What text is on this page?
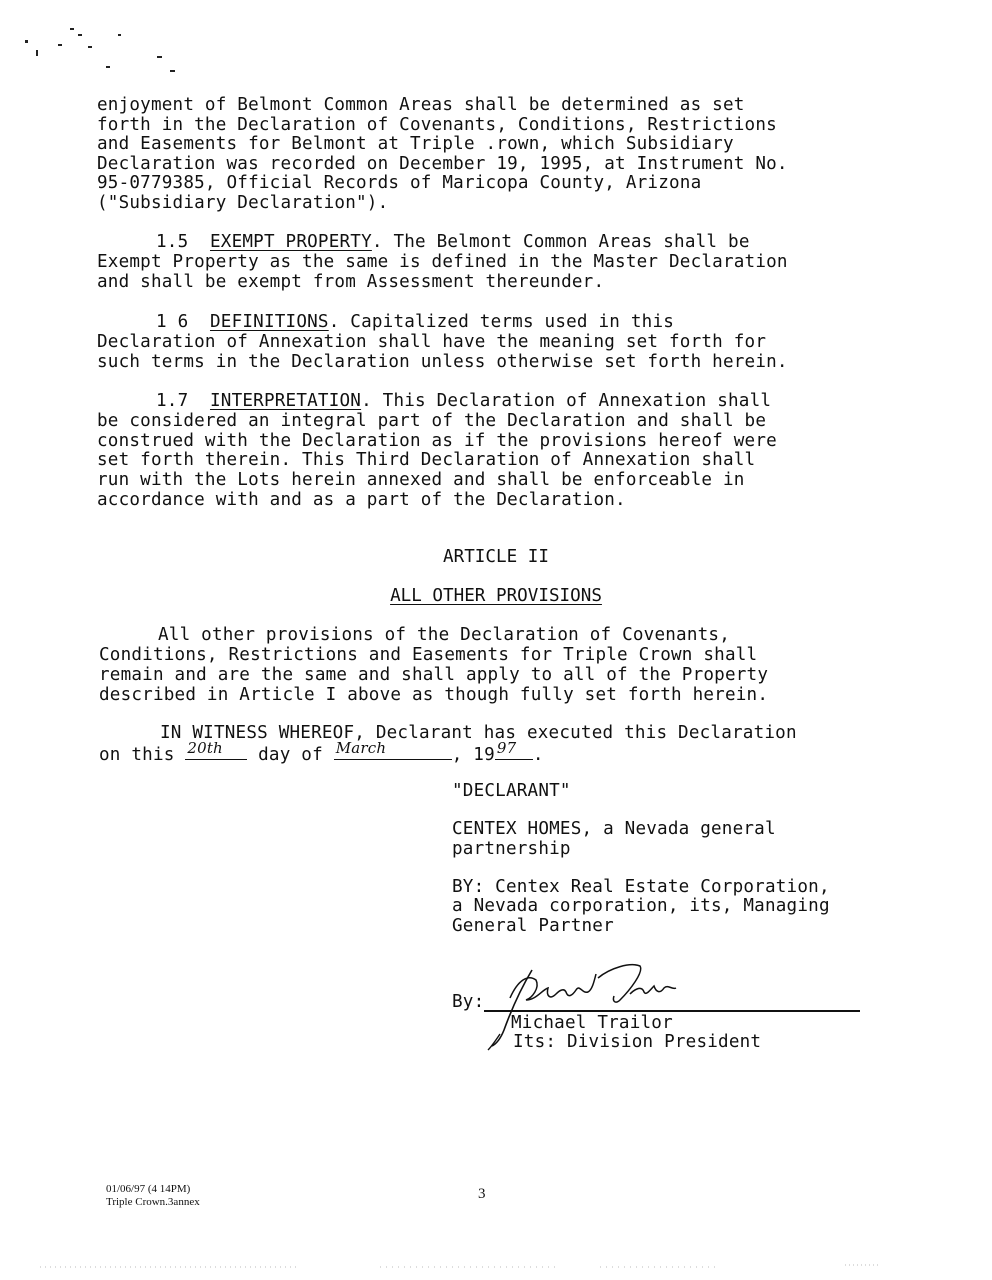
enjoyment of Belmont Common Areas shall be determined as set
forth in the Declaration of Covenants, Conditions, Restrictions
and Easements for Belmont at Triple .rown, which Subsidiary
Declaration was recorded on December 19, 1995, at Instrument No.
95-0779385, Official Records of Maricopa County, Arizona
("Subsidiary Declaration").
1.5 EXEMPT PROPERTY. The Belmont Common Areas shall be
Exempt Property as the same is defined in the Master Declaration
and shall be exempt from Assessment thereunder.
1 6 DEFINITIONS. Capitalized terms used in this
Declaration of Annexation shall have the meaning set forth for
such terms in the Declaration unless otherwise set forth herein.
1.7 INTERPRETATION. This Declaration of Annexation shall
be considered an integral part of the Declaration and shall be
construed with the Declaration as if the provisions hereof were
set forth therein. This Third Declaration of Annexation shall
run with the Lots herein annexed and shall be enforceable in
accordance with and as a part of the Declaration.
ARTICLE II
ALL OTHER PROVISIONS
All other provisions of the Declaration of Covenants,
Conditions, Restrictions and Easements for Triple Crown shall
remain and are the same and shall apply to all of the Property
described in Article I above as though fully set forth herein.
IN WITNESS WHEREOF, Declarant has executed this Declaration
on this 20th day of March	, 19 97 .
"DECLARANT"
CENTEX HOMES, a Nevada general
partnership
BY: Centex Real Estate Corporation,
a Nevada corporation, its, Managing
General Partner
By:
Michael Trailor
Its: Division President
01/06/97 (4 14PM)
Triple Crown.3annex	3
